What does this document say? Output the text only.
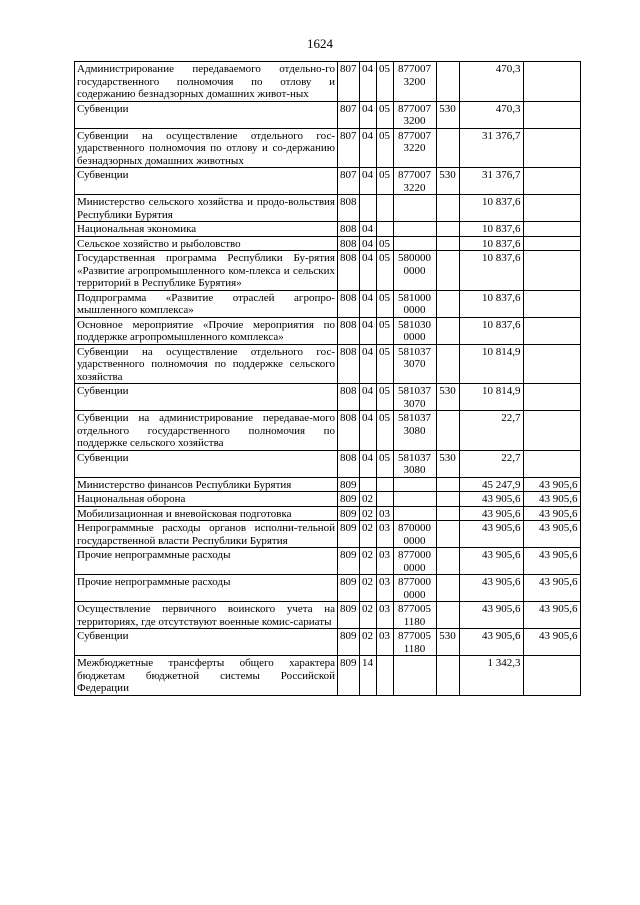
1624
Администрирование передаваемого отдельно-го государственного полномочия по отлову и содержанию безнадзорных домашних живот-ных	807	04	05	877007 3200		470,3	
Субвенции	807	04	05	877007 3200	530	470,3	
Субвенции на осуществление отдельного гос-ударственного полномочия по отлову и со-держанию безнадзорных домашних животных	807	04	05	877007 3220		31 376,7	
Субвенции	807	04	05	877007 3220	530	31 376,7	
Министерство сельского хозяйства и продо-вольствия Республики Бурятия	808					10 837,6	
Национальная экономика	808	04				10 837,6	
Сельское хозяйство и рыболовство	808	04	05			10 837,6	
Государственная программа Республики Бу-рятия «Развитие агропромышленного ком-плекса и сельских территорий в Республике Бурятия»	808	04	05	580000 0000		10 837,6	
Подпрограмма «Развитие отраслей агропро-мышленного комплекса»	808	04	05	581000 0000		10 837,6	
Основное мероприятие «Прочие мероприятия по поддержке агропромышленного комплекса»	808	04	05	581030 0000		10 837,6	
Субвенции на осуществление отдельного гос-ударственного полномочия по поддержке сельского хозяйства	808	04	05	581037 3070		10 814,9	
Субвенции	808	04	05	581037 3070	530	10 814,9	
Субвенции на администрирование передавае-мого отдельного государственного полномочия по поддержке сельского хозяйства	808	04	05	581037 3080		22,7	
Субвенции	808	04	05	581037 3080	530	22,7	
Министерство финансов Республики Бурятия	809					45 247,9	43 905,6
Национальная оборона	809	02				43 905,6	43 905,6
Мобилизационная и вневойсковая подготовка	809	02	03			43 905,6	43 905,6
Непрограммные расходы органов исполни-тельной государственной власти Республики Бурятия	809	02	03	870000 0000		43 905,6	43 905,6
Прочие непрограммные расходы	809	02	03	877000 0000		43 905,6	43 905,6
Прочие непрограммные расходы	809	02	03	877000 0000		43 905,6	43 905,6
Осуществление первичного воинского учета на территориях, где отсутствуют военные комис-сариаты	809	02	03	877005 1180		43 905,6	43 905,6
Субвенции	809	02	03	877005 1180	530	43 905,6	43 905,6
Межбюджетные трансферты общего характера бюджетам бюджетной системы Российской Федерации	809	14				1 342,3	
